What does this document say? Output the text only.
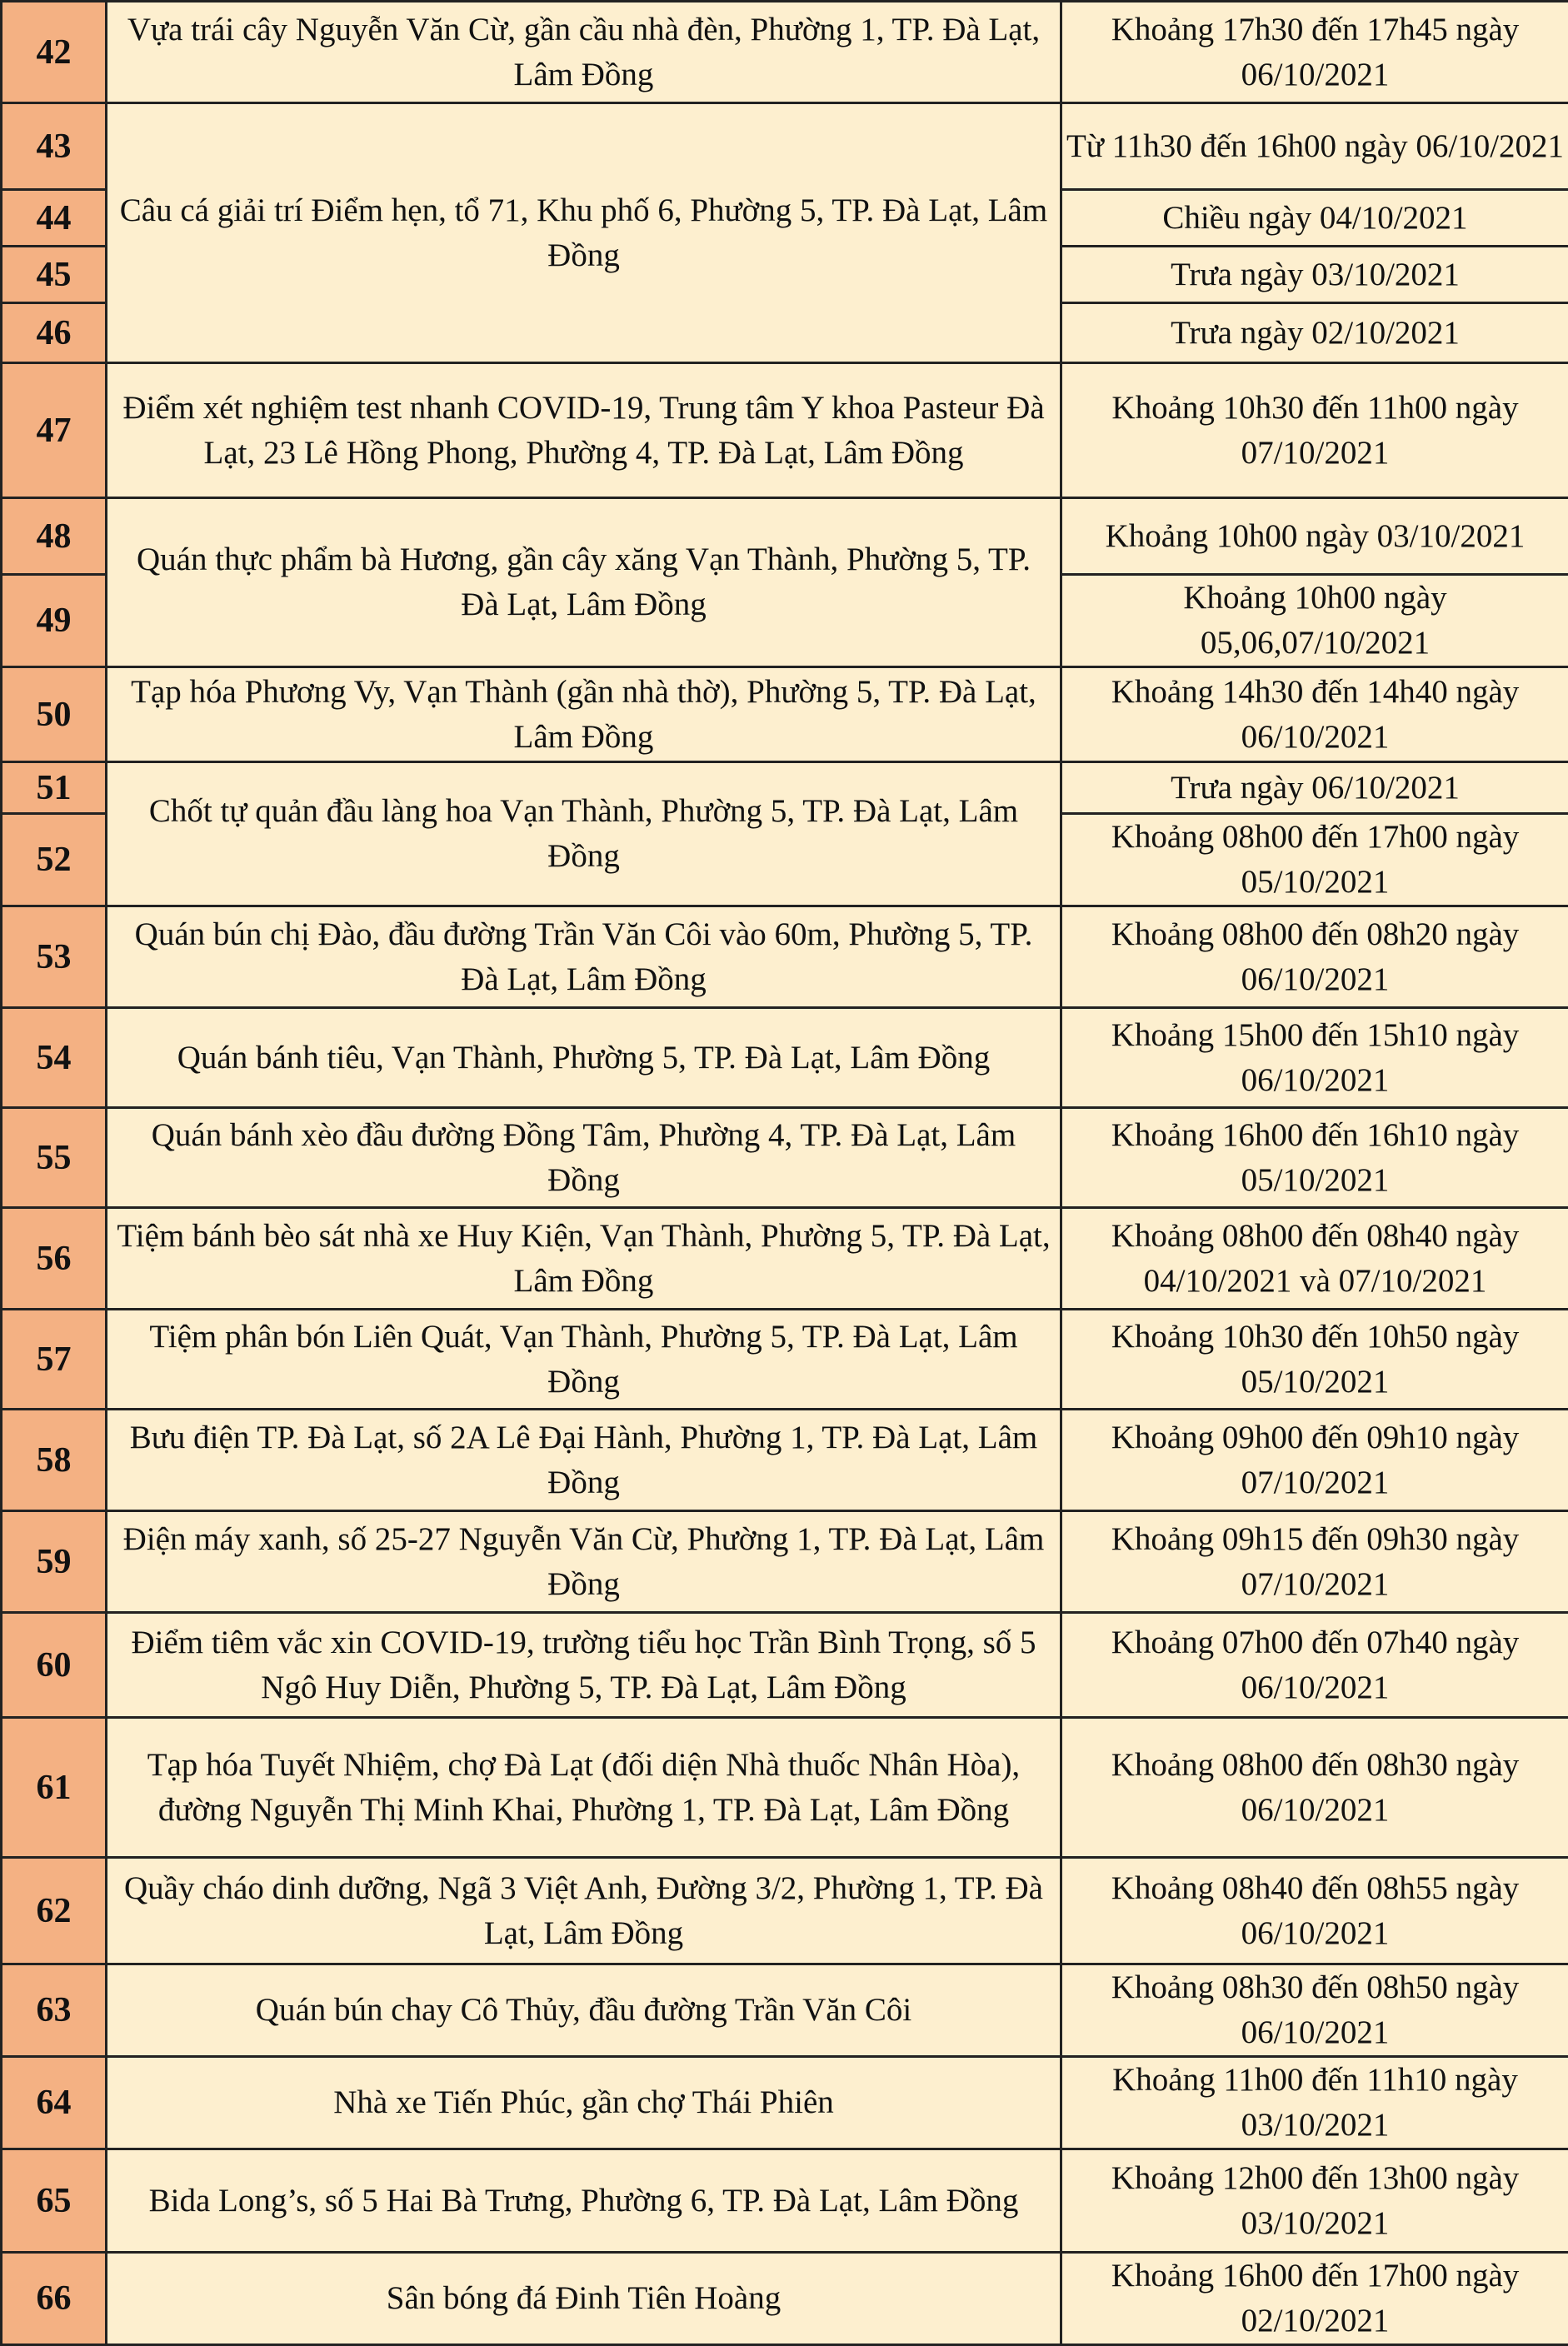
42	Vựa trái cây Nguyễn Văn Cừ, gần cầu nhà đèn, Phường 1, TP. Đà Lạt, Lâm Đồng	Khoảng 17h30 đến 17h45 ngày 06/10/2021
43	Câu cá giải trí Điểm hẹn, tổ 71, Khu phố 6, Phường 5, TP. Đà Lạt, Lâm Đồng	Từ 11h30 đến 16h00 ngày 06/10/2021
44		Chiều ngày 04/10/2021
45		Trưa ngày 03/10/2021
46		Trưa ngày 02/10/2021
47	Điểm xét nghiệm test nhanh COVID-19, Trung tâm Y khoa Pasteur Đà Lạt, 23 Lê Hồng Phong, Phường 4, TP. Đà Lạt, Lâm Đồng	Khoảng 10h30 đến 11h00 ngày 07/10/2021
48	Quán thực phẩm bà Hương, gần cây xăng Vạn Thành, Phường 5, TP. Đà Lạt, Lâm Đồng	Khoảng 10h00 ngày 03/10/2021
49		Khoảng 10h00 ngày 05,06,07/10/2021
50	Tạp hóa Phương Vy, Vạn Thành (gần nhà thờ), Phường 5, TP. Đà Lạt, Lâm Đồng	Khoảng 14h30 đến 14h40 ngày 06/10/2021
51	Chốt tự quản đầu làng hoa Vạn Thành, Phường 5, TP. Đà Lạt, Lâm Đồng	Trưa ngày 06/10/2021
52		Khoảng 08h00 đến 17h00 ngày 05/10/2021
53	Quán bún chị Đào, đầu đường Trần Văn Côi vào 60m, Phường 5, TP. Đà Lạt, Lâm Đồng	Khoảng 08h00 đến 08h20 ngày 06/10/2021
54	Quán bánh tiêu, Vạn Thành, Phường 5, TP. Đà Lạt, Lâm Đồng	Khoảng 15h00 đến 15h10 ngày 06/10/2021
55	Quán bánh xèo đầu đường Đồng Tâm, Phường 4, TP. Đà Lạt, Lâm Đồng	Khoảng 16h00 đến 16h10 ngày 05/10/2021
56	Tiệm bánh bèo sát nhà xe Huy Kiện, Vạn Thành, Phường 5, TP. Đà Lạt, Lâm Đồng	Khoảng 08h00 đến 08h40 ngày 04/10/2021 và 07/10/2021
57	Tiệm phân bón Liên Quát, Vạn Thành, Phường 5, TP. Đà Lạt, Lâm Đồng	Khoảng 10h30 đến 10h50 ngày 05/10/2021
58	Bưu điện TP. Đà Lạt, số 2A Lê Đại Hành, Phường 1, TP. Đà Lạt, Lâm Đồng	Khoảng 09h00 đến 09h10 ngày 07/10/2021
59	Điện máy xanh, số 25-27 Nguyễn Văn Cừ, Phường 1, TP. Đà Lạt, Lâm Đồng	Khoảng 09h15 đến 09h30 ngày 07/10/2021
60	Điểm tiêm vắc xin COVID-19, trường tiểu học Trần Bình Trọng, số 5 Ngô Huy Diễn, Phường 5, TP. Đà Lạt, Lâm Đồng	Khoảng 07h00 đến 07h40 ngày 06/10/2021
61	Tạp hóa Tuyết Nhiệm, chợ Đà Lạt (đối diện Nhà thuốc Nhân Hòa), đường Nguyễn Thị Minh Khai, Phường 1, TP. Đà Lạt, Lâm Đồng	Khoảng 08h00 đến 08h30 ngày 06/10/2021
62	Quầy cháo dinh dưỡng, Ngã 3 Việt Anh, Đường 3/2, Phường 1, TP. Đà Lạt, Lâm Đồng	Khoảng 08h40 đến 08h55 ngày 06/10/2021
63	Quán bún chay Cô Thủy, đầu đường Trần Văn Côi	Khoảng 08h30 đến 08h50 ngày 06/10/2021
64	Nhà xe Tiến Phúc, gần chợ Thái Phiên	Khoảng 11h00 đến 11h10 ngày 03/10/2021
65	Bida Long’s, số 5 Hai Bà Trưng, Phường 6, TP. Đà Lạt, Lâm Đồng	Khoảng 12h00 đến 13h00 ngày 03/10/2021
66	Sân bóng đá Đinh Tiên Hoàng	Khoảng 16h00 đến 17h00 ngày 02/10/2021
